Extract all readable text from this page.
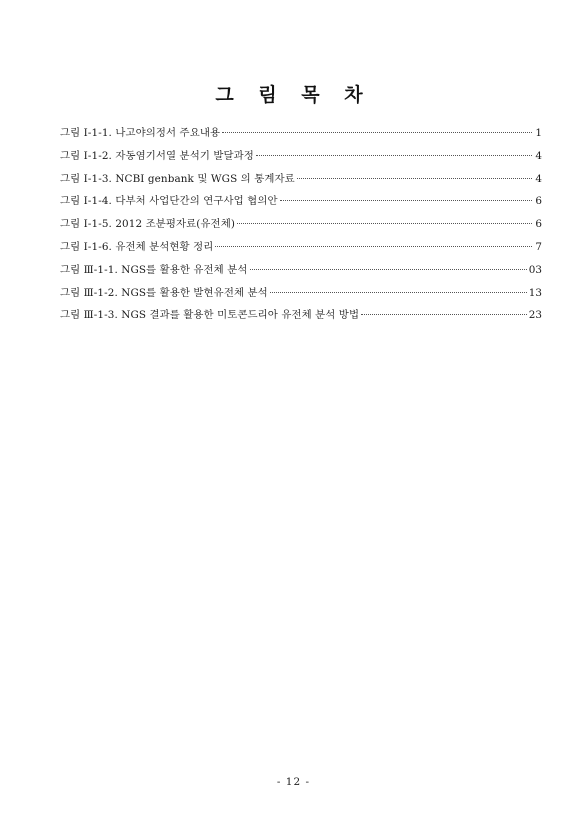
그 림 목 차
그림 Ⅰ-1-1. 나고야의정서 주요내용	1
그림 Ⅰ-1-2. 자동염기서열 분석기 발달과정	4
그림 Ⅰ-1-3. NCBI genbank 및 WGS 의 통계자료	4
그림 Ⅰ-1-4. 다부처 사업단간의 연구사업 협의안	6
그림 Ⅰ-1-5. 2012 조분평자료(유전체)	6
그림 Ⅰ-1-6. 유전체 분석현황 정리	7
그림 Ⅲ-1-1. NGS를 활용한 유전체 분석	03
그림 Ⅲ-1-2. NGS를 활용한 발현유전체 분석	13
그림 Ⅲ-1-3. NGS 결과를 활용한 미토콘드리아 유전체 분석 방법	23
- 12 -
